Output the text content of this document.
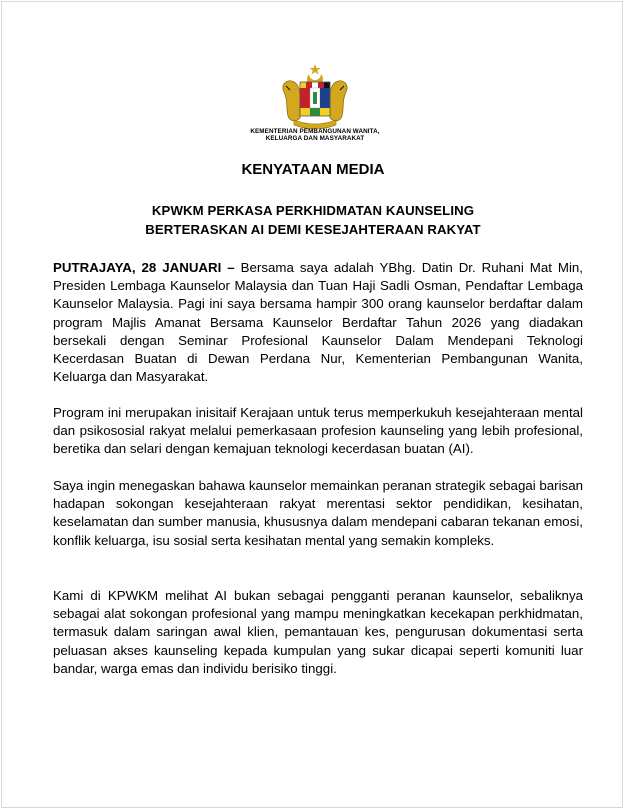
KEMENTERIAN PEMBANGUNAN WANITA,
KELUARGA DAN MASYARAKAT
KENYATAAN MEDIA
KPWKM PERKASA PERKHIDMATAN KAUNSELING
BERTERASKAN AI DEMI KESEJAHTERAAN RAKYAT

PUTRAJAYA, 28 JANUARI – Bersama saya adalah YBhg. Datin Dr. Ruhani Mat Min, Presiden Lembaga Kaunselor Malaysia dan Tuan Haji Sadli Osman, Pendaftar Lembaga Kaunselor Malaysia. Pagi ini saya bersama hampir 300 orang kaunselor berdaftar dalam program Majlis Amanat Bersama Kaunselor Berdaftar Tahun 2026 yang diadakan bersekali dengan Seminar Profesional Kaunselor Dalam Mendepani Teknologi Kecerdasan Buatan di Dewan Perdana Nur, Kementerian Pembangunan Wanita, Keluarga dan Masyarakat.

Program ini merupakan inisitaif Kerajaan untuk terus memperkukuh kesejahteraan mental dan psikososial rakyat melalui pemerkasaan profesion kaunseling yang lebih profesional, beretika dan selari dengan kemajuan teknologi kecerdasan buatan (AI).

Saya ingin menegaskan bahawa kaunselor memainkan peranan strategik sebagai barisan hadapan sokongan kesejahteraan rakyat merentasi sektor pendidikan, kesihatan, keselamatan dan sumber manusia, khususnya dalam mendepani cabaran tekanan emosi, konflik keluarga, isu sosial serta kesihatan mental yang semakin kompleks.

Kami di KPWKM melihat AI bukan sebagai pengganti peranan kaunselor, sebaliknya sebagai alat sokongan profesional yang mampu meningkatkan kecekapan perkhidmatan, termasuk dalam saringan awal klien, pemantauan kes, pengurusan dokumentasi serta peluasan akses kaunseling kepada kumpulan yang sukar dicapai seperti komuniti luar bandar, warga emas dan individu berisiko tinggi.
